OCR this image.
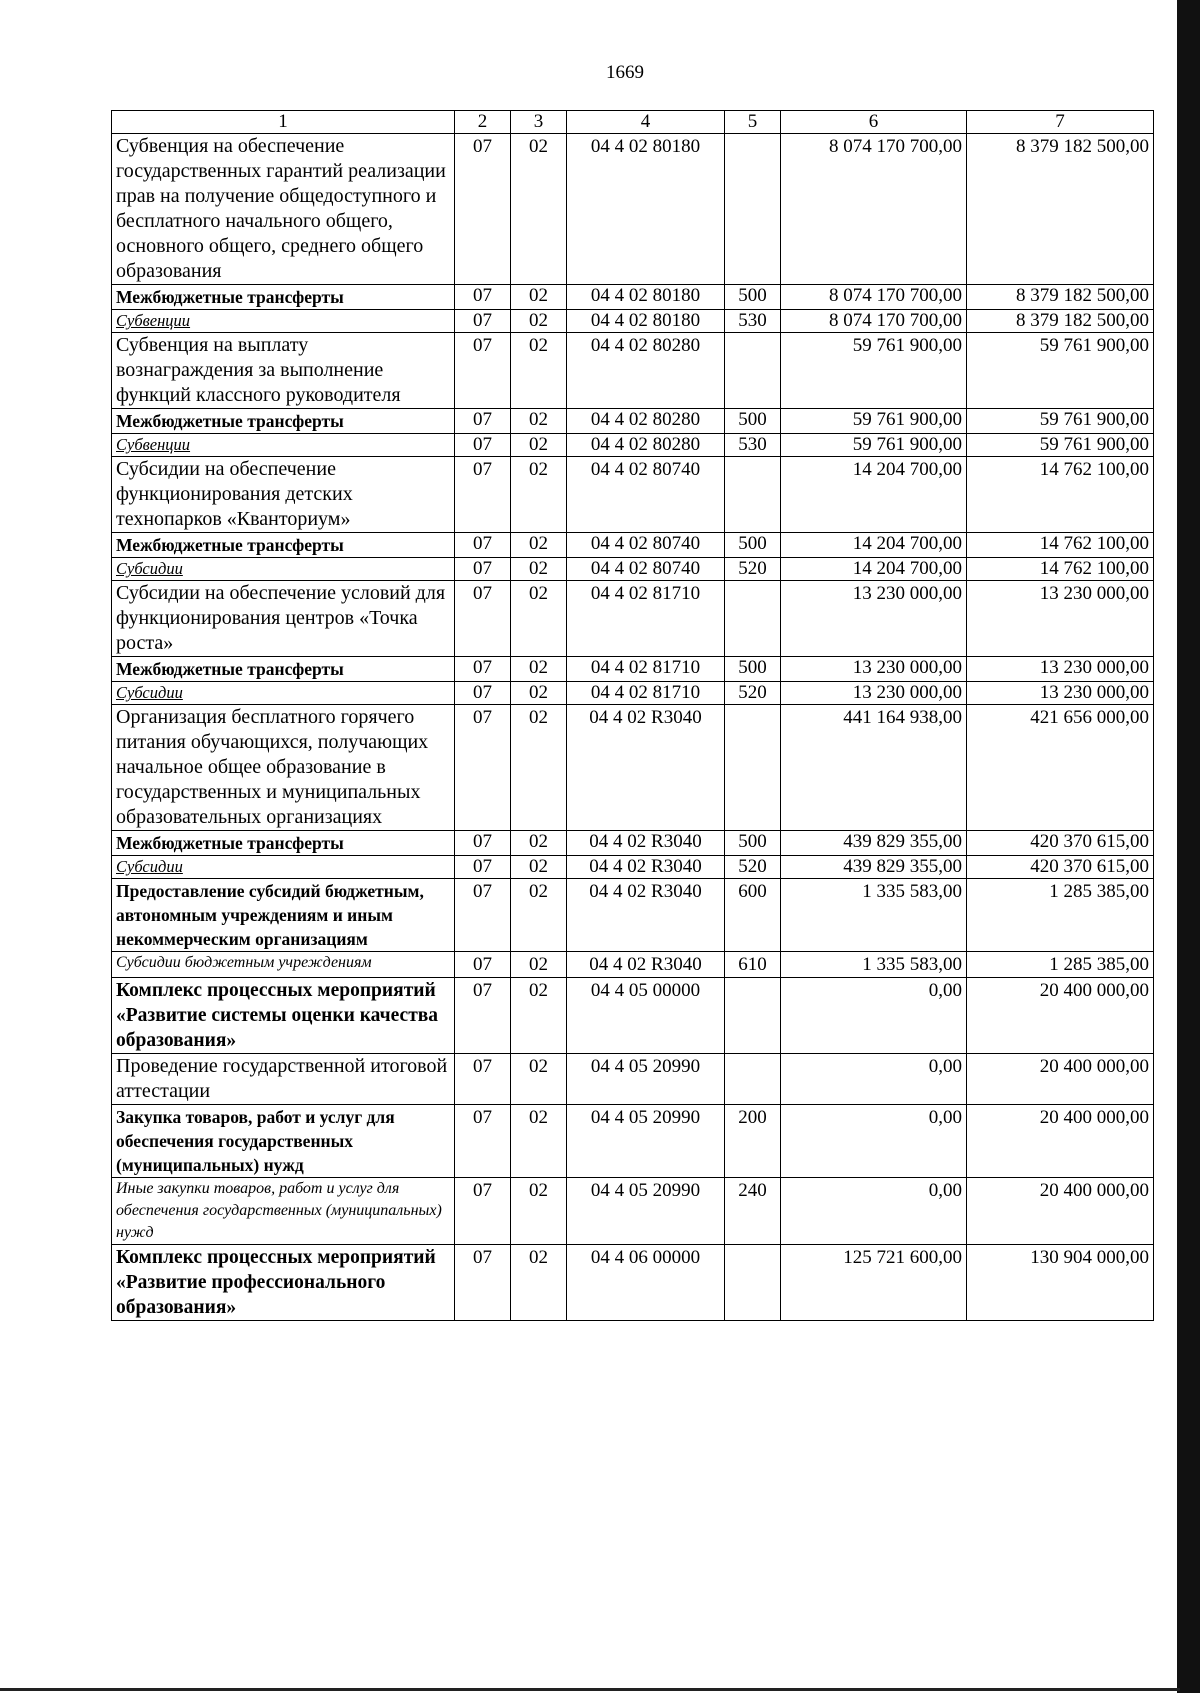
1669
1	2	3	4	5	6	7
Субвенция на обеспечение государственных гарантий реализации прав на получение общедоступного и бесплатного начального общего, основного общего, среднего общего образования	07	02	04 4 02 80180		8 074 170 700,00	8 379 182 500,00
Межбюджетные трансферты	07	02	04 4 02 80180	500	8 074 170 700,00	8 379 182 500,00
Субвенции	07	02	04 4 02 80180	530	8 074 170 700,00	8 379 182 500,00
Субвенция на выплату вознаграждения за выполнение функций классного руководителя	07	02	04 4 02 80280		59 761 900,00	59 761 900,00
Межбюджетные трансферты	07	02	04 4 02 80280	500	59 761 900,00	59 761 900,00
Субвенции	07	02	04 4 02 80280	530	59 761 900,00	59 761 900,00
Субсидии на обеспечение функционирования детских технопарков «Кванториум»	07	02	04 4 02 80740		14 204 700,00	14 762 100,00
Межбюджетные трансферты	07	02	04 4 02 80740	500	14 204 700,00	14 762 100,00
Субсидии	07	02	04 4 02 80740	520	14 204 700,00	14 762 100,00
Субсидии на обеспечение условий для функционирования центров «Точка роста»	07	02	04 4 02 81710		13 230 000,00	13 230 000,00
Межбюджетные трансферты	07	02	04 4 02 81710	500	13 230 000,00	13 230 000,00
Субсидии	07	02	04 4 02 81710	520	13 230 000,00	13 230 000,00
Организация бесплатного горячего питания обучающихся, получающих начальное общее образование в государственных и муниципальных образовательных организациях	07	02	04 4 02 R3040		441 164 938,00	421 656 000,00
Межбюджетные трансферты	07	02	04 4 02 R3040	500	439 829 355,00	420 370 615,00
Субсидии	07	02	04 4 02 R3040	520	439 829 355,00	420 370 615,00
Предоставление субсидий бюджетным, автономным учреждениям и иным некоммерческим организациям	07	02	04 4 02 R3040	600	1 335 583,00	1 285 385,00
Субсидии бюджетным учреждениям	07	02	04 4 02 R3040	610	1 335 583,00	1 285 385,00
Комплекс процессных мероприятий «Развитие системы оценки качества образования»	07	02	04 4 05 00000		0,00	20 400 000,00
Проведение государственной итоговой аттестации	07	02	04 4 05 20990		0,00	20 400 000,00
Закупка товаров, работ и услуг для обеспечения государственных (муниципальных) нужд	07	02	04 4 05 20990	200	0,00	20 400 000,00
Иные закупки товаров, работ и услуг для обеспечения государственных (муниципальных) нужд	07	02	04 4 05 20990	240	0,00	20 400 000,00
Комплекс процессных мероприятий «Развитие профессионального образования»	07	02	04 4 06 00000		125 721 600,00	130 904 000,00
